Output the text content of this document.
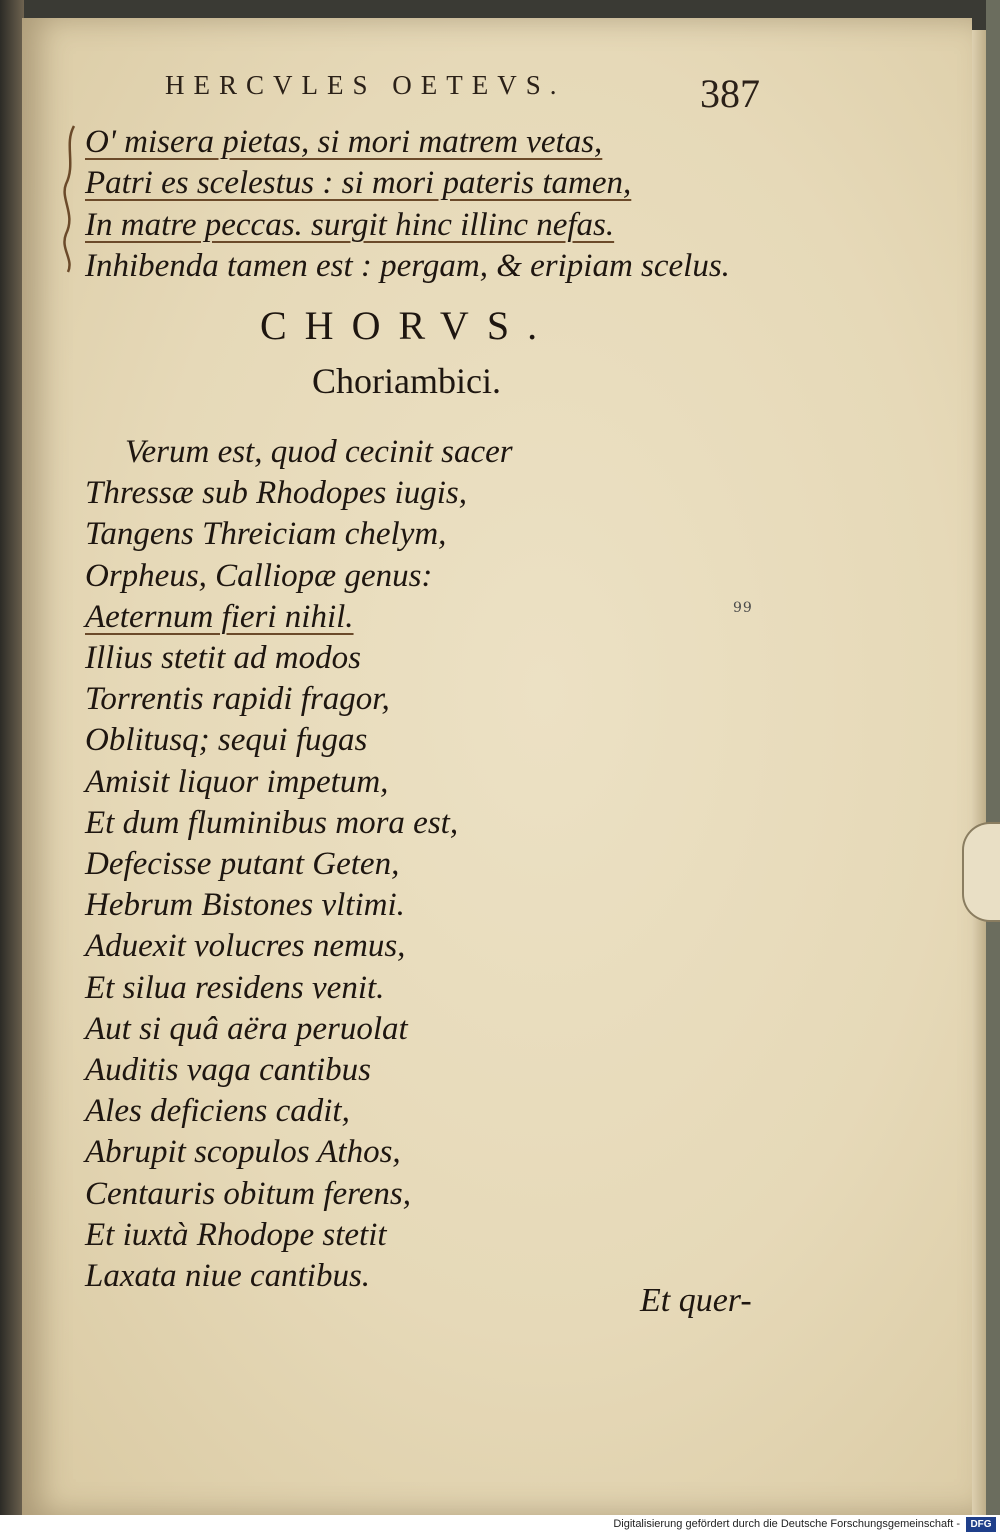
HERCVLES OETEVS.	387
O' misera pietas, si mori matrem vetas,
Patri es scelestus : si mori pateris tamen,
In matre peccas. surgit hinc illinc nefas.
Inhibenda tamen est : pergam, & eripiam scelus.
CHORVS.
Choriambici.
Verum est, quod cecinit sacer
Thressæ sub Rhodopes iugis,
Tangens Threiciam chelym,
Orpheus, Calliopæ genus:
Aeternum fieri nihil.
Illius stetit ad modos
Torrentis rapidi fragor,
Oblitusq; sequi fugas
Amisit liquor impetum,
Et dum fluminibus mora est,
Defecisse putant Geten,
Hebrum Bistones vltimi.
Aduexit volucres nemus,
Et silua residens venit.
Aut si quâ aëra peruolat
Auditis vaga cantibus
Ales deficiens cadit,
Abrupit scopulos Athos,
Centauris obitum ferens,
Et iuxtà Rhodope stetit
Laxata niue cantibus.
99
Et quer-
Digitalisierung gefördert durch die Deutsche Forschungsgemeinschaft -	DFG
